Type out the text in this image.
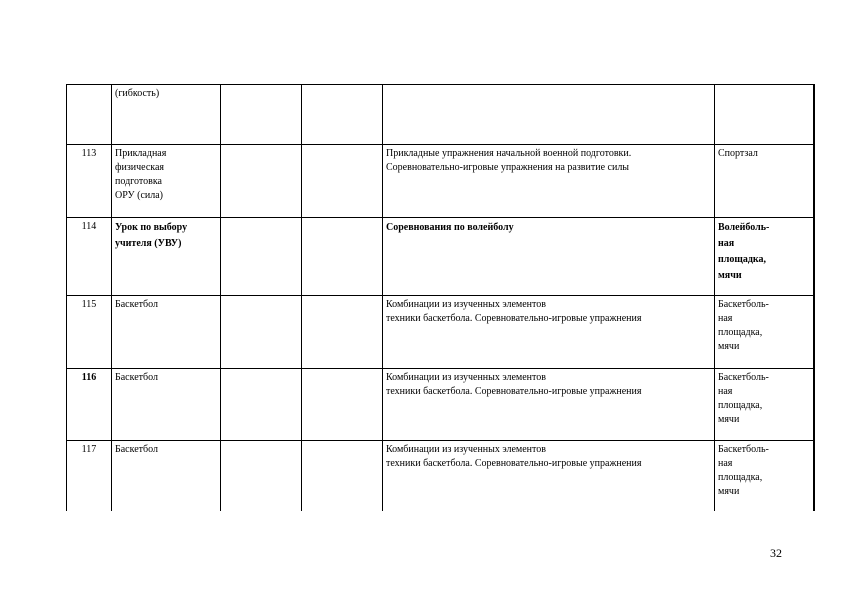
	(гибкость)				

113	Прикладная
физическая
подготовка
ОРУ (сила)			Прикладные упражнения начальной военной подготовки.
Соревновательно-игровые упражнения на развитие силы	Спортзал

114	Урок по выбору
учителя (УВУ)			Соревнования по волейболу	Волейболь-
ная
площадка,
мячи

115	Баскетбол			Комбинации из изученных элементов
техники баскетбола. Соревновательно-игровые упражнения	Баскетболь-
ная
площадка,
мячи

116	Баскетбол			Комбинации из изученных элементов
техники баскетбола. Соревновательно-игровые упражнения	Баскетболь-
ная
площадка,
мячи

117	Баскетбол			Комбинации из изученных элементов
техники баскетбола. Соревновательно-игровые упражнения	Баскетболь-
ная
площадка,
мячи
32
